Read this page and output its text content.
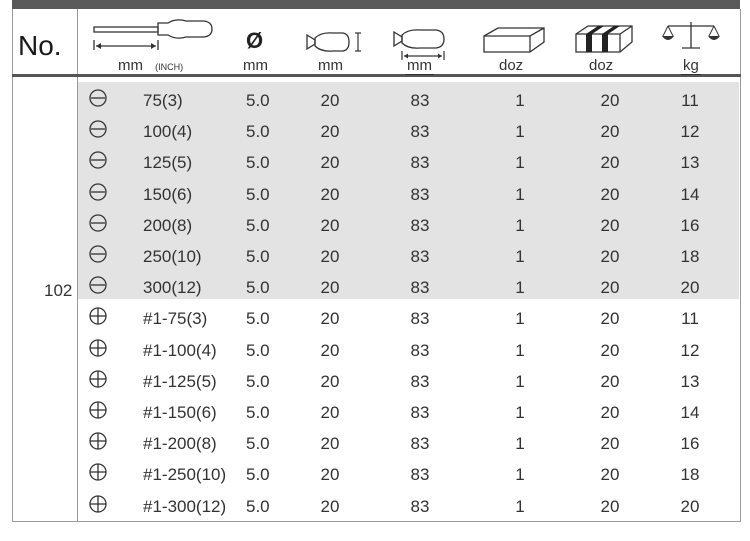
No.
mm (INCH)
Ø
mm	mm	mm	doz	doz	kg
102
75(3)	5.0	20	83	1	20	11
100(4)	5.0	20	83	1	20	12
125(5)	5.0	20	83	1	20	13
150(6)	5.0	20	83	1	20	14
200(8)	5.0	20	83	1	20	16
250(10)	5.0	20	83	1	20	18
300(12)	5.0	20	83	1	20	20
#1-75(3) 5.0	20	83	1	20	11
#1-100(4) 5.0	20	83	1	20	12
#1-125(5) 5.0	20	83	1	20	13
#1-150(6) 5.0	20	83	1	20	14
#1-200(8) 5.0	20	83	1	20	16
#1-250(10) 5.0	20	83	1	20	18
#1-300(12) 5.0	20	83	1	20	20
